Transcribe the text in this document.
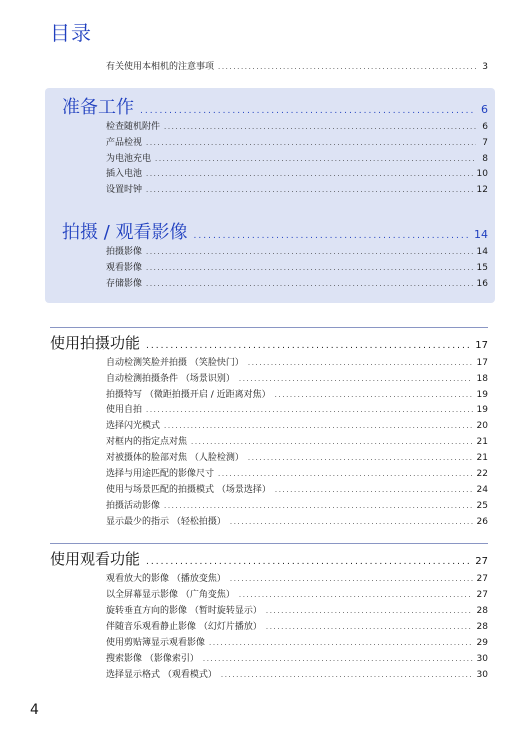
目录
有关使用本相机的注意事项 .....	3
准备工作 .....	6
检查随机附件 .....	6
产品检视 .....	7
为电池充电 .....	8
插入电池 .....	10
设置时钟 .....	12
拍摄 / 观看影像 .....	14
拍摄影像 .....	14
观看影像 .....	15
存储影像 .....	16
使用拍摄功能 .....	17
自动检测笑脸并拍摄 （笑脸快门） .....	17
自动检测拍摄条件 （场景识别） .....	18
拍摄特写 （微距拍摄开启 / 近距离对焦） .....	19
使用自拍 .....	19
选择闪光模式 .....	20
对框内的指定点对焦 .....	21
对被摄体的脸部对焦 （人脸检测） .....	21
选择与用途匹配的影像尺寸 .....	22
使用与场景匹配的拍摄模式 （场景选择） .....	24
拍摄活动影像 .....	25
显示最少的指示 （轻松拍摄） .....	26
使用观看功能 .....	27
观看放大的影像 （播放变焦） .....	27
以全屏幕显示影像 （广角变焦） .....	27
旋转垂直方向的影像 （暂时旋转显示） .....	28
伴随音乐观看静止影像 （幻灯片播放） .....	28
使用剪贴簿显示观看影像 .....	29
搜索影像 （影像索引） .....	30
选择显示格式 （观看模式） .....	30
4
